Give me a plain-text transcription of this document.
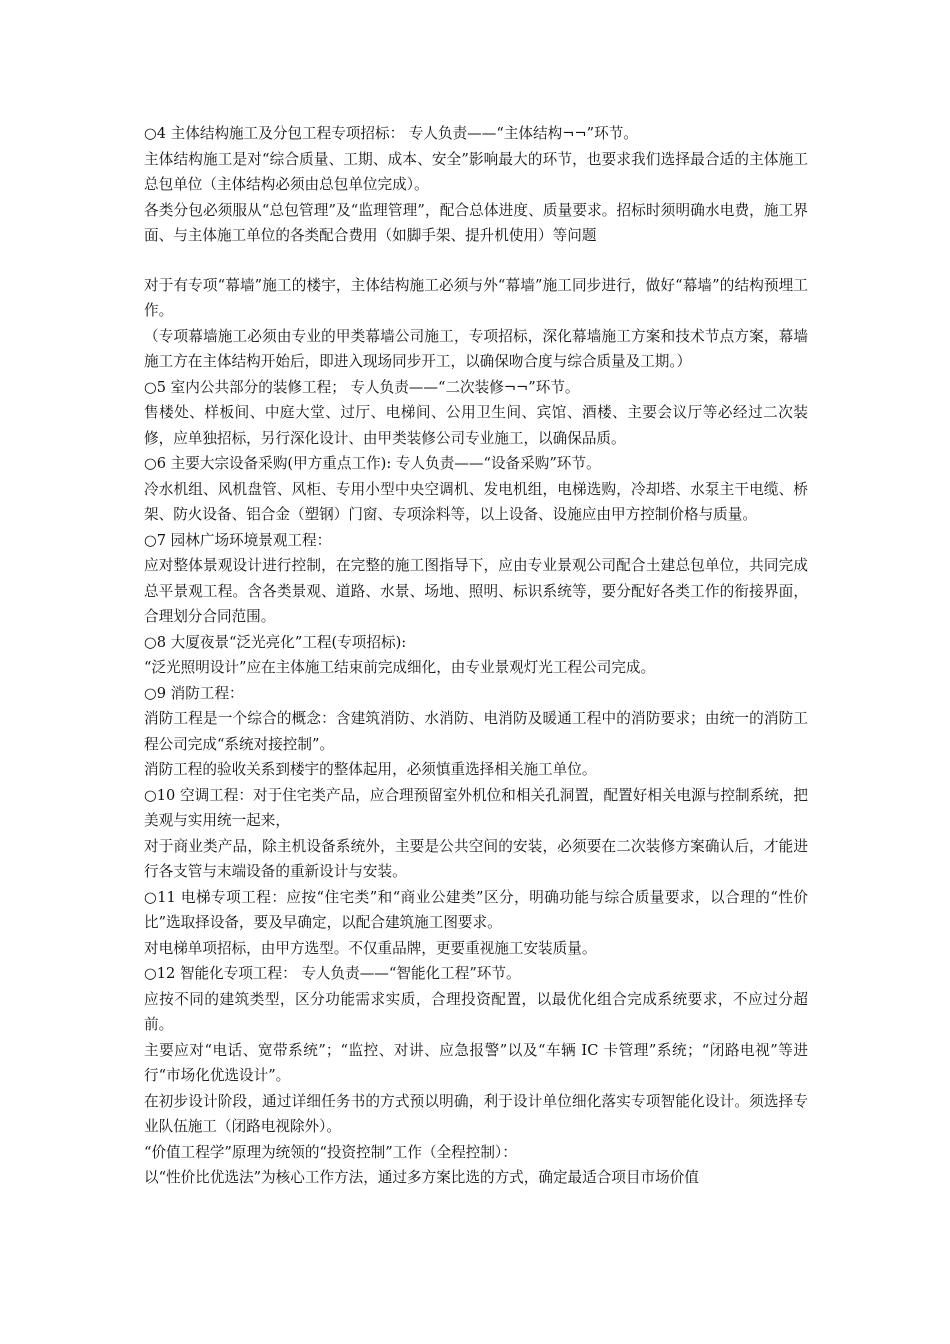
○4 主体结构施工及分包工程专项招标： 专人负责——“主体结构¬¬”环节。

主体结构施工是对“综合质量、工期、成本、安全”影响最大的环节，也要求我们选择最合适的主体施工总包单位（主体结构必须由总包单位完成）。

各类分包必须服从“总包管理”及“监理管理”，配合总体进度、质量要求。招标时须明确水电费，施工界面、与主体施工单位的各类配合费用（如脚手架、提升机使用）等问题

对于有专项“幕墙”施工的楼宇，主体结构施工必须与外“幕墙”施工同步进行，做好“幕墙”的结构预埋工作。

（专项幕墙施工必须由专业的甲类幕墙公司施工，专项招标，深化幕墙施工方案和技术节点方案，幕墙施工方在主体结构开始后，即进入现场同步开工，以确保吻合度与综合质量及工期。）

○5 室内公共部分的装修工程； 专人负责——“二次装修¬¬”环节。

售楼处、样板间、中庭大堂、过厅、电梯间、公用卫生间、宾馆、酒楼、主要会议厅等必经过二次装修，应单独招标，另行深化设计、由甲类装修公司专业施工，以确保品质。

○6 主要大宗设备采购(甲方重点工作): 专人负责——“设备采购”环节。

冷水机组、风机盘管、风柜、专用小型中央空调机、发电机组，电梯选购，冷却塔、水泵主干电缆、桥架、防火设备、铝合金（塑钢）门窗、专项涂料等，以上设备、设施应由甲方控制价格与质量。

○7 园林广场环境景观工程：

应对整体景观设计进行控制，在完整的施工图指导下，应由专业景观公司配合土建总包单位，共同完成总平景观工程。含各类景观、道路、水景、场地、照明、标识系统等，要分配好各类工作的衔接界面，合理划分合同范围。

○8 大厦夜景“泛光亮化”工程(专项招标):

“泛光照明设计”应在主体施工结束前完成细化，由专业景观灯光工程公司完成。

○9 消防工程：

消防工程是一个综合的概念：含建筑消防、水消防、电消防及暖通工程中的消防要求；由统一的消防工程公司完成“系统对接控制”。

消防工程的验收关系到楼宇的整体起用，必须慎重选择相关施工单位。

○10 空调工程：对于住宅类产品，应合理预留室外机位和相关孔洞置，配置好相关电源与控制系统，把美观与实用统一起来，

对于商业类产品，除主机设备系统外，主要是公共空间的安装，必须要在二次装修方案确认后，才能进行各支管与末端设备的重新设计与安装。

○11 电梯专项工程：应按“住宅类”和“商业公建类”区分，明确功能与综合质量要求，以合理的“性价比”选取择设备，要及早确定，以配合建筑施工图要求。

对电梯单项招标，由甲方选型。不仅重品牌，更要重视施工安装质量。

○12 智能化专项工程： 专人负责——“智能化工程”环节。

应按不同的建筑类型，区分功能需求实质，合理投资配置，以最优化组合完成系统要求，不应过分超前。

主要应对“电话、宽带系统”；“监控、对讲、应急报警”以及“车辆 IC 卡管理”系统；“闭路电视”等进行“市场化优选设计”。

在初步设计阶段，通过详细任务书的方式预以明确，利于设计单位细化落实专项智能化设计。须选择专业队伍施工（闭路电视除外）。

“价值工程学”原理为统领的“投资控制”工作（全程控制）：

以“性价比优选法”为核心工作方法，通过多方案比选的方式，确定最适合项目市场价值
